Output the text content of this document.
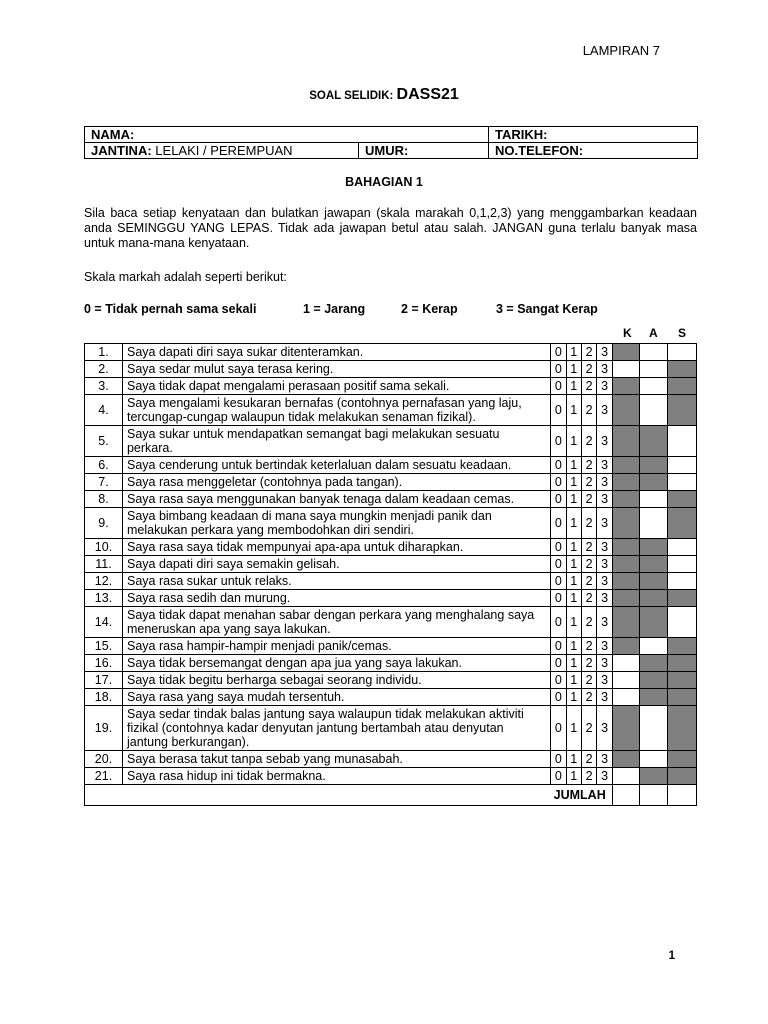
LAMPIRAN 7
SOAL SELIDIK: DASS21
NAMA:		TARIKH:
JANTINA: LELAKI / PEREMPUAN	UMUR:	NO.TELEFON:
BAHAGIAN 1
Sila baca setiap kenyataan dan bulatkan jawapan (skala marakah 0,1,2,3) yang menggambarkan keadaan anda SEMINGGU YANG LEPAS. Tidak ada jawapan betul atau salah. JANGAN guna terlalu banyak masa untuk mana-mana kenyataan.
Skala markah adalah seperti berikut:
0 = Tidak pernah sama sekali	1 = Jarang	2 = Kerap	3 = Sangat Kerap
K A S
1.	Saya dapati diri saya sukar ditenteramkan.	0	1	2	3			
2.	Saya sedar mulut saya terasa kering.	0	1	2	3			
3.	Saya tidak dapat mengalami perasaan positif sama sekali.	0	1	2	3			
4.	Saya mengalami kesukaran bernafas (contohnya pernafasan yang laju, tercungap-cungap walaupun tidak melakukan senaman fizikal).	0	1	2	3			
5.	Saya sukar untuk mendapatkan semangat bagi melakukan sesuatu perkara.	0	1	2	3			
6.	Saya cenderung untuk bertindak keterlaluan dalam sesuatu keadaan.	0	1	2	3			
7.	Saya rasa menggeletar (contohnya pada tangan).	0	1	2	3			
8.	Saya rasa saya menggunakan banyak tenaga dalam keadaan cemas.	0	1	2	3			
9.	Saya bimbang keadaan di mana saya mungkin menjadi panik dan melakukan perkara yang membodohkan diri sendiri.	0	1	2	3			
10.	Saya rasa saya tidak mempunyai apa-apa untuk diharapkan.	0	1	2	3			
11.	Saya dapati diri saya semakin gelisah.	0	1	2	3			
12.	Saya rasa sukar untuk relaks.	0	1	2	3			
13.	Saya rasa sedih dan murung.	0	1	2	3			
14.	Saya tidak dapat menahan sabar dengan perkara yang menghalang saya meneruskan apa yang saya lakukan.	0	1	2	3			
15.	Saya rasa hampir-hampir menjadi panik/cemas.	0	1	2	3			
16.	Saya tidak bersemangat dengan apa jua yang saya lakukan.	0	1	2	3			
17.	Saya tidak begitu berharga sebagai seorang individu.	0	1	2	3			
18.	Saya rasa yang saya mudah tersentuh.	0	1	2	3			
19.	Saya sedar tindak balas jantung saya walaupun tidak melakukan aktiviti fizikal (contohnya kadar denyutan jantung bertambah atau denyutan jantung berkurangan).	0	1	2	3			
20.	Saya berasa takut tanpa sebab yang munasabah.	0	1	2	3			
21.	Saya rasa hidup ini tidak bermakna.	0	1	2	3			
JUMLAH								
1
